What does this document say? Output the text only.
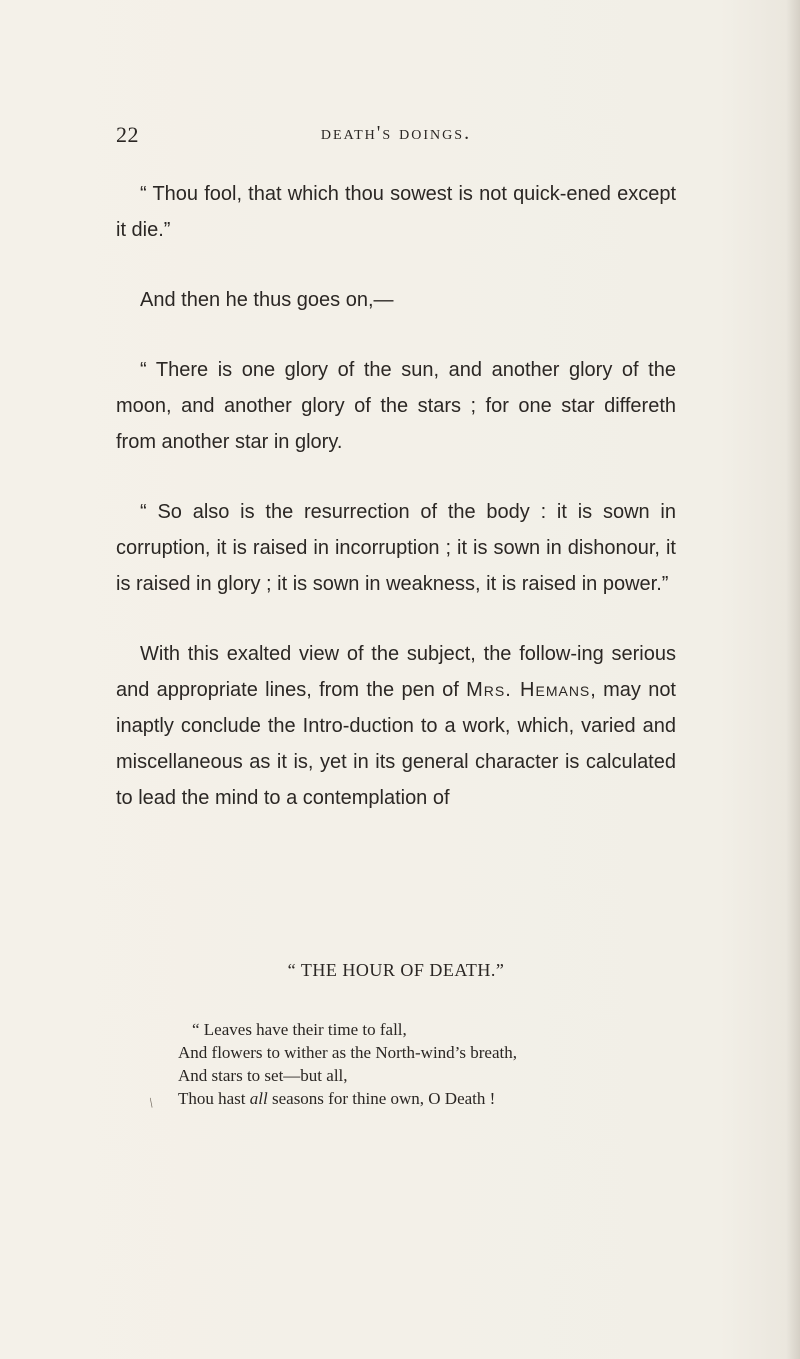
22	death's doings.

“ Thou fool, that which thou sowest is not quick-ened except it die.”

And then he thus goes on,—

“ There is one glory of the sun, and another glory of the moon, and another glory of the stars ; for one star differeth from another star in glory.

“ So also is the resurrection of the body : it is sown in corruption, it is raised in incorruption ; it is sown in dishonour, it is raised in glory ; it is sown in weakness, it is raised in power.”

With this exalted view of the subject, the follow-ing serious and appropriate lines, from the pen of Mrs. Hemans, may not inaptly conclude the Intro-duction to a work, which, varied and miscellaneous as it is, yet in its general character is calculated to lead the mind to a contemplation of

“ THE HOUR OF DEATH.”
“ Leaves have their time to fall,
And flowers to wither as the North-wind’s breath,
And stars to set—but all,
Thou hast all seasons for thine own, O Death !
/
